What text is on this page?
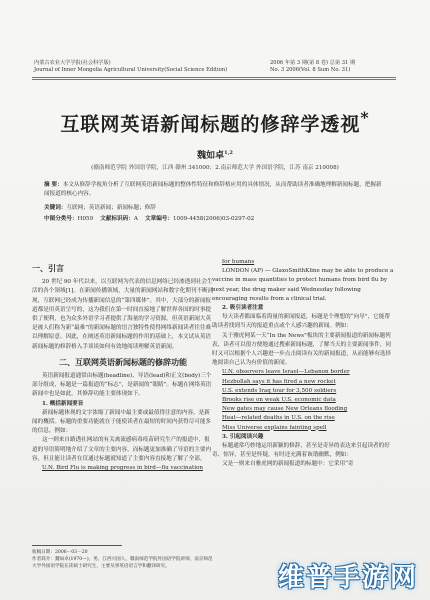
内蒙古农业大学学报(社会科学版)
Journal of Inner Mongolia Agricultural University(Social Science Edition)
2006 年第 3 期(第 8 卷) 总第 31 期
No. 3 2006(Vol. 8 Sum No. 31)
互联网英语新闻标题的修辞学透视*
魏如卓$^{1,2}$
(赣南师范学院 外国语学院，江西 赣州 341000；2.南京师范大学 外国语学院，江苏 南京 210008)
摘 要：本文从修辞学视角分析了互联网英语新闻标题的整体性特征和修辞格应用的具体情况，从而帮助读者准确地理解新闻标题，把握新闻报道的核心内容。
关键词：互联网；英语新闻；新闻标题；修辞
中图分类号：H059 文献标识码：A 文章编号：1009-4458(2006)03-0297-02
一、引言

20 世纪 90 年代以来，以互联网为代表的信息网络已经渗透到社会生活的各个领域[1]。在新闻传播领域，大量的新闻网站和数字化期刊不断涌现，互联网已经成为传播新闻信息的“第四媒体”。其中，大部分的新闻报道都是用英语呈写的，这为我们在第一时间直接地了解世界各国的时事提供了便利，也为众多外语学习者提供了海量的学习资源。但英语新闻大英是被人们称为新“最难”的新闻标题的语言独特性使得网络新闻读者往往难以理解原意。因此，在阐述英语新闻标题的作用的基础上，本文试从英语新闻标题的修辞格入手谈谈如何有效地阅读理解英语新闻。

二、互联网英语新闻标题的修辞功能

英语新闻报道通常由标题(headline)、导语(lead)和正文(body)三个部分组成，标题是一篇报道的“标志”，是新闻的“眼睛”。标题在网络英语新闻中也是如此，其修辞功能主要体现如下。

1. 概括新闻要旨

新闻标题体现的文字浓缩了新闻中最主要或最值得注意的内容，是新闻的概括。标题的重要功能就在于能使读者在最短的时间内获得尽可能多的信息。例如：

这一则来自路透社网站的有关禽流感病毒疫苗研究生产的报道中，报道的导语简明地介绍了文章的主要内容，而标题更加准确了导语的主要内容，但且能让读者在仅通过标题就知道了主要内容直接地了解了全部。

U.N. Bird Flu is making progress in bird—flu vaccination

for humans

LONDON (AP) — GlaxoSmithKline may be able to produce a vaccine in mass quantities to protect humans from bird flu by next year, the drug maker said Wednesday following encouraging results from a clinical trial.

2. 吸引读者注意

每天读者都面临着海量的新闻报道，标题是个理想的“向导”，它能帮助读者找到当天的报道重点或个人感兴趣的新闻。例如：

关于雅虎网某一天“In the News”板块的主要新闻报道的新闻标题列表，读者可以很方便地通过搜索新闻标题，了解当天的主要新闻事件，同时又可以根据个人兴趣进一步点击阅读有关的新闻报道，从而能够有选择地阅读自己认为有价值的新闻。

U.N. observers leave Israel—Lebanon border

Hezbollah says it has fired a new rocket

U.S. extends Iraq tour for 3,500 soldiers

Brooks rise on weak U.S. economic data

New gates may cause New Orleans flooding

Heat—related deaths in U.S. on the rise

Miss Universe explains fainting spell

3. 引起阅读兴趣

标题通常巧妙地运用新颖的修辞，甚至是奇异的表达来引起读者的好奇、惊异，甚至是怀疑，有时还充满着诙谐幽默，例如：

又是一则来自雅虎网的新闻报道的标题中：它采用“奇

收稿日期：2006－03－20
作者简介：魏如卓(1970—)，男，江西兴国人，赣南师范学院外国语学院讲师，南京师范大学外国语学院在读硕士研究生，主要从事英语语言学和翻译研究。	维普手游网
